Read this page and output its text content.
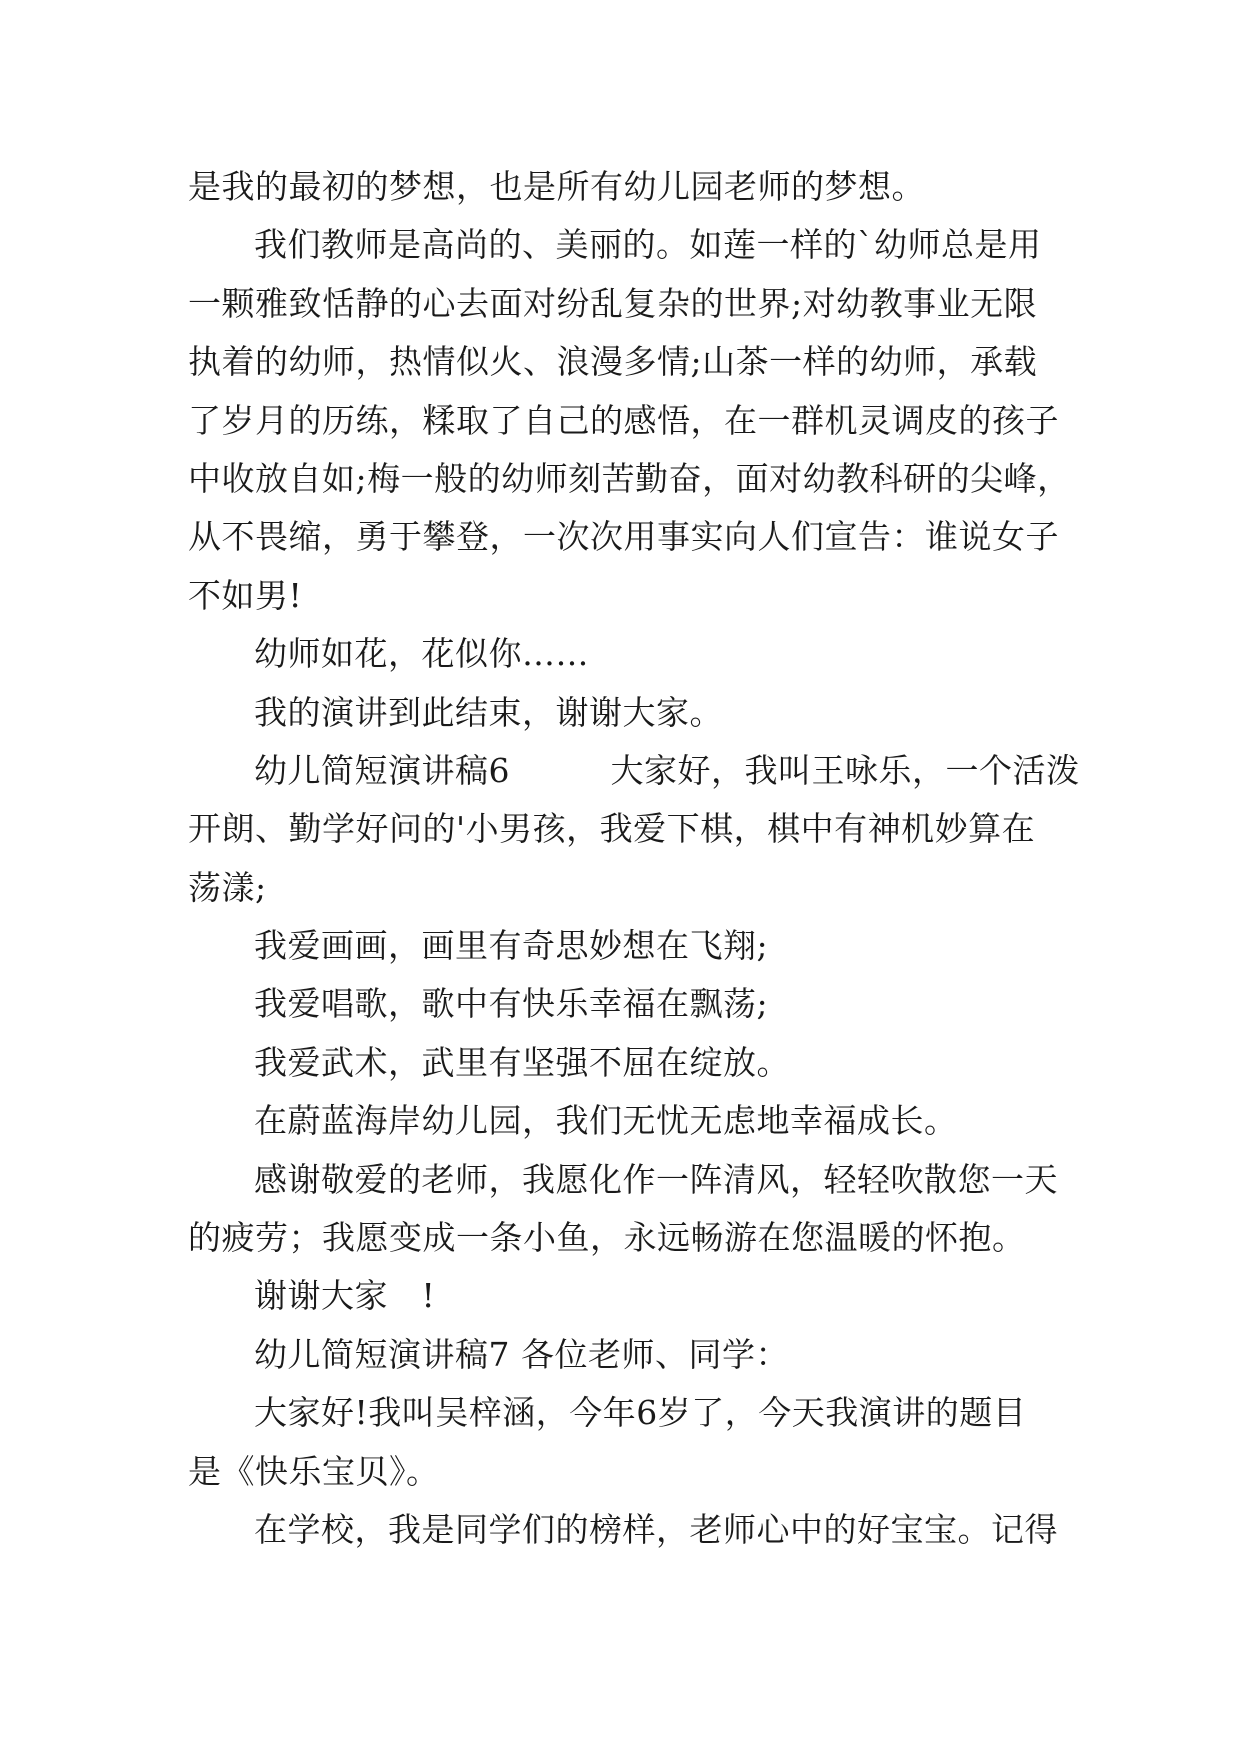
是我的最初的梦想，也是所有幼儿园老师的梦想。
我们教师是高尚的、美丽的。如莲一样的`幼师总是用
一颗雅致恬静的心去面对纷乱复杂的世界;对幼教事业无限
执着的幼师，热情似火、浪漫多情;山茶一样的幼师，承载
了岁月的历练，糅取了自己的感悟，在一群机灵调皮的孩子
中收放自如;梅一般的幼师刻苦勤奋，面对幼教科研的尖峰，
从不畏缩，勇于攀登，一次次用事实向人们宣告：谁说女子
不如男!
幼师如花，花似你……
我的演讲到此结束，谢谢大家。
幼儿简短演讲稿6　　　大家好，我叫王咏乐，一个活泼
开朗、勤学好问的'小男孩，我爱下棋，棋中有神机妙算在
荡漾;
我爱画画，画里有奇思妙想在飞翔;
我爱唱歌，歌中有快乐幸福在飘荡;
我爱武术，武里有坚强不屈在绽放。
在蔚蓝海岸幼儿园，我们无忧无虑地幸福成长。
感谢敬爱的老师，我愿化作一阵清风，轻轻吹散您一天
的疲劳；我愿变成一条小鱼，永远畅游在您温暖的怀抱。
谢谢大家　!
幼儿简短演讲稿7 各位老师、同学：
大家好!我叫吴梓涵，今年6岁了，今天我演讲的题目
是《快乐宝贝》。
在学校，我是同学们的榜样，老师心中的好宝宝。记得
